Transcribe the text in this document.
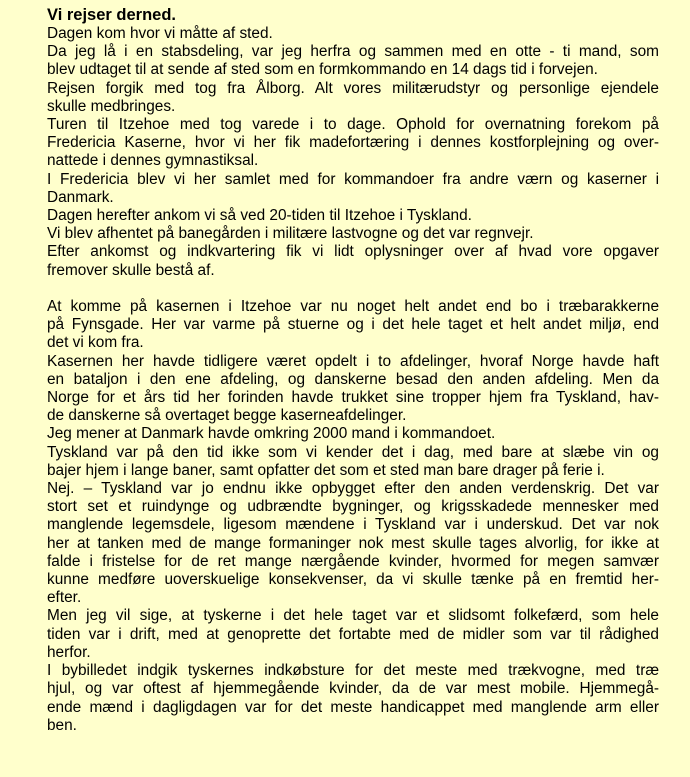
Vi rejser derned.

Dagen kom hvor vi måtte af sted.
Da jeg lå i en stabsdeling, var jeg herfra og sammen med en otte - ti mand, som
blev udtaget til at sende af sted som en formkommando en 14 dags tid i forvejen.
Rejsen forgik med tog fra Ålborg. Alt vores militærudstyr og personlige ejendele
skulle medbringes.
Turen til Itzehoe med tog varede i to dage. Ophold for overnatning forekom på
Fredericia Kaserne, hvor vi her fik madefortæring i dennes kostforplejning og over-
nattede i dennes gymnastiksal.
I Fredericia blev vi her samlet med for kommandoer fra andre værn og kaserner i
Danmark.
Dagen herefter ankom vi så ved 20-tiden til Itzehoe i Tyskland.
Vi blev afhentet på banegården i militære lastvogne og det var regnvejr.
Efter ankomst og indkvartering fik vi lidt oplysninger over af hvad vore opgaver
fremover skulle bestå af.
At komme på kasernen i Itzehoe var nu noget helt andet end bo i træbarakkerne
på Fynsgade. Her var varme på stuerne og i det hele taget et helt andet miljø, end
det vi kom fra.
Kasernen her havde tidligere været opdelt i to afdelinger, hvoraf Norge havde haft
en bataljon i den ene afdeling, og danskerne besad den anden afdeling. Men da
Norge for et års tid her forinden havde trukket sine tropper hjem fra Tyskland, hav-
de danskerne så overtaget begge kaserneafdelinger.
Jeg mener at Danmark havde omkring 2000 mand i kommandoet.
Tyskland var på den tid ikke som vi kender det i dag, med bare at slæbe vin og
bajer hjem i lange baner, samt opfatter det som et sted man bare drager på ferie i.
Nej. – Tyskland var jo endnu ikke opbygget efter den anden verdenskrig. Det var
stort set et ruindynge og udbrændte bygninger, og krigsskadede mennesker med
manglende legemsdele, ligesom mændene i Tyskland var i underskud. Det var nok
her at tanken med de mange formaninger nok mest skulle tages alvorlig, for ikke at
falde i fristelse for de ret mange nærgående kvinder, hvormed for megen samvær
kunne medføre uoverskuelige konsekvenser, da vi skulle tænke på en fremtid her-
efter.
Men jeg vil sige, at tyskerne i det hele taget var et slidsomt folkefærd, som hele
tiden var i drift, med at genoprette det fortabte med de midler som var til rådighed
herfor.
I bybilledet indgik tyskernes indkøbsture for det meste med trækvogne, med træ
hjul, og var oftest af hjemmegående kvinder, da de var mest mobile. Hjemmegå-
ende mænd i dagligdagen var for det meste handicappet med manglende arm eller
ben.
